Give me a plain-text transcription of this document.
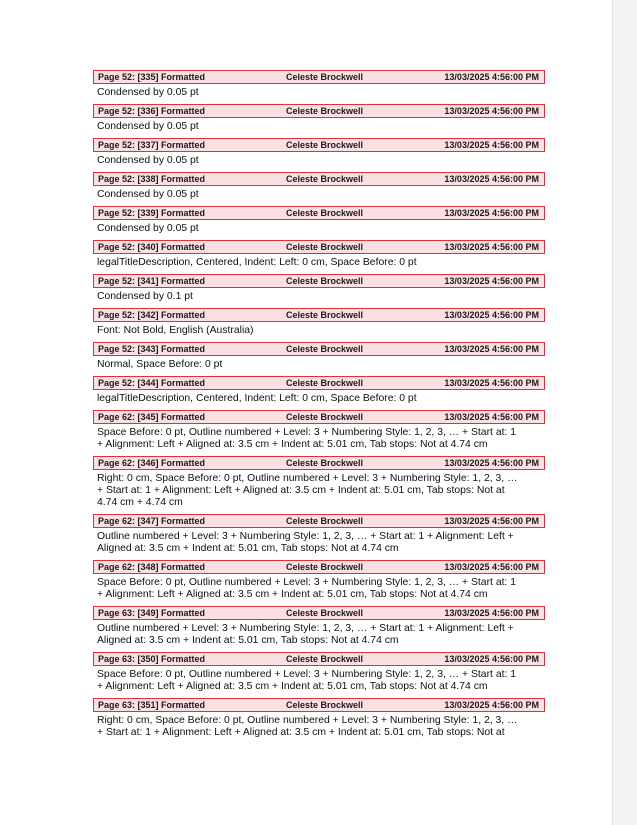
Page 52: [335] Formatted	Celeste Brockwell	13/03/2025 4:56:00 PM
Condensed by 0.05 pt
Page 52: [336] Formatted	Celeste Brockwell	13/03/2025 4:56:00 PM
Condensed by 0.05 pt
Page 52: [337] Formatted	Celeste Brockwell	13/03/2025 4:56:00 PM
Condensed by 0.05 pt
Page 52: [338] Formatted	Celeste Brockwell	13/03/2025 4:56:00 PM
Condensed by 0.05 pt
Page 52: [339] Formatted	Celeste Brockwell	13/03/2025 4:56:00 PM
Condensed by 0.05 pt
Page 52: [340] Formatted	Celeste Brockwell	13/03/2025 4:56:00 PM
legalTitleDescription, Centered, Indent: Left: 0 cm, Space Before: 0 pt
Page 52: [341] Formatted	Celeste Brockwell	13/03/2025 4:56:00 PM
Condensed by 0.1 pt
Page 52: [342] Formatted	Celeste Brockwell	13/03/2025 4:56:00 PM
Font: Not Bold, English (Australia)
Page 52: [343] Formatted	Celeste Brockwell	13/03/2025 4:56:00 PM
Normal, Space Before: 0 pt
Page 52: [344] Formatted	Celeste Brockwell	13/03/2025 4:56:00 PM
legalTitleDescription, Centered, Indent: Left: 0 cm, Space Before: 0 pt
Page 62: [345] Formatted	Celeste Brockwell	13/03/2025 4:56:00 PM
Space Before: 0 pt, Outline numbered + Level: 3 + Numbering Style: 1, 2, 3, … + Start at: 1
+ Alignment: Left + Aligned at: 3.5 cm + Indent at: 5.01 cm, Tab stops: Not at 4.74 cm
Page 62: [346] Formatted	Celeste Brockwell	13/03/2025 4:56:00 PM
Right: 0 cm, Space Before: 0 pt, Outline numbered + Level: 3 + Numbering Style: 1, 2, 3, …
+ Start at: 1 + Alignment: Left + Aligned at: 3.5 cm + Indent at: 5.01 cm, Tab stops: Not at
4.74 cm + 4.74 cm
Page 62: [347] Formatted	Celeste Brockwell	13/03/2025 4:56:00 PM
Outline numbered + Level: 3 + Numbering Style: 1, 2, 3, … + Start at: 1 + Alignment: Left +
Aligned at: 3.5 cm + Indent at: 5.01 cm, Tab stops: Not at 4.74 cm
Page 62: [348] Formatted	Celeste Brockwell	13/03/2025 4:56:00 PM
Space Before: 0 pt, Outline numbered + Level: 3 + Numbering Style: 1, 2, 3, … + Start at: 1
+ Alignment: Left + Aligned at: 3.5 cm + Indent at: 5.01 cm, Tab stops: Not at 4.74 cm
Page 63: [349] Formatted	Celeste Brockwell	13/03/2025 4:56:00 PM
Outline numbered + Level: 3 + Numbering Style: 1, 2, 3, … + Start at: 1 + Alignment: Left +
Aligned at: 3.5 cm + Indent at: 5.01 cm, Tab stops: Not at 4.74 cm
Page 63: [350] Formatted	Celeste Brockwell	13/03/2025 4:56:00 PM
Space Before: 0 pt, Outline numbered + Level: 3 + Numbering Style: 1, 2, 3, … + Start at: 1
+ Alignment: Left + Aligned at: 3.5 cm + Indent at: 5.01 cm, Tab stops: Not at 4.74 cm
Page 63: [351] Formatted	Celeste Brockwell	13/03/2025 4:56:00 PM
Right: 0 cm, Space Before: 0 pt, Outline numbered + Level: 3 + Numbering Style: 1, 2, 3, …
+ Start at: 1 + Alignment: Left + Aligned at: 3.5 cm + Indent at: 5.01 cm, Tab stops: Not at
